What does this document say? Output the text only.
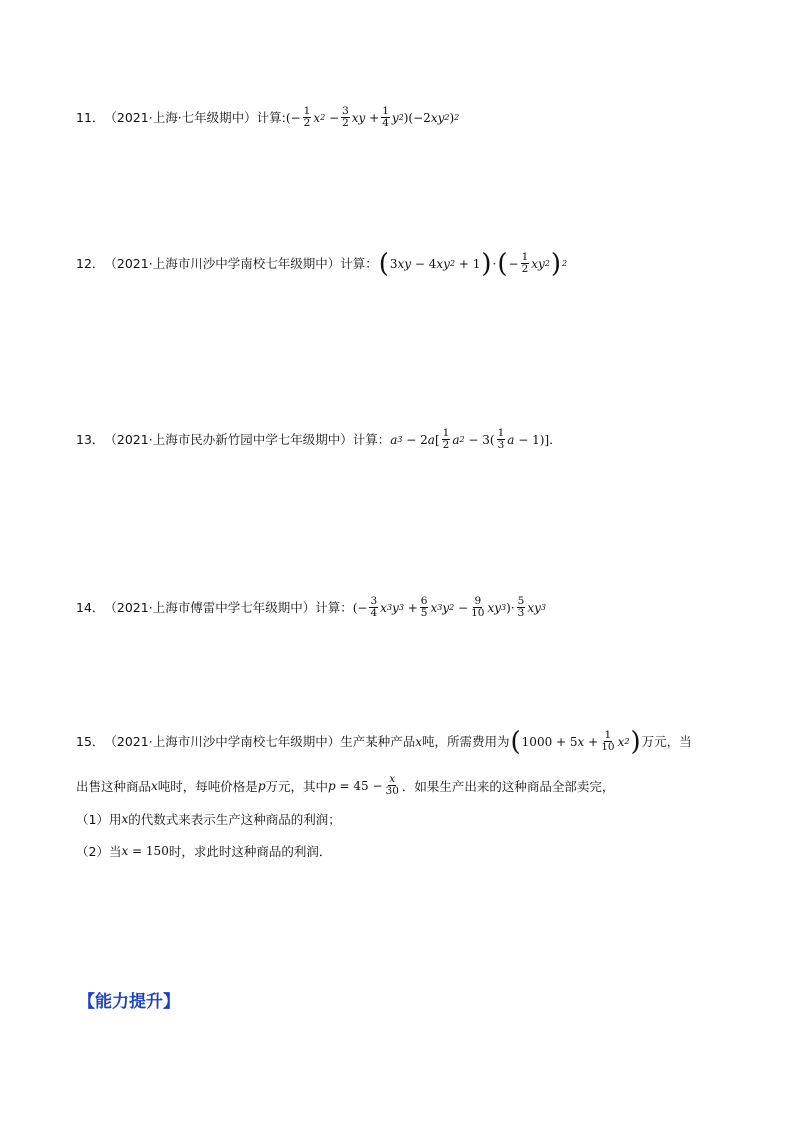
11． （2021·上海·七年级期中） 计算: (− $\frac{1}{2}$ x $2 - \frac{3}{2}$ xy + $\frac{1}{4}$ y 2 )(−2 xy 2 ) 2
12． （2021·上海市川沙中学南校七年级期中） 计算： ( 3 xy − 4 xy 2 + 1 ) · ( − $\frac{1}{2}$ xy 2 ) 2
13． （2021·上海市民办新竹园中学七年级期中） 计算： a 3 − 2 a [ $\frac{1}{2}$ a $2 - 3( \frac{1}{3}$ a − 1)] ．
14． （2021·上海市傅雷中学七年级期中） 计算： (− $\frac{3}{4}$ x 3 y $3 + \frac{6}{5}$ x 3 y $2 - \frac{9}{10}$ xy 3 ) · $\frac{5}{3}$ xy 3
15． （2021·上海市川沙中学南校七年级期中） 生产某种产品 x 吨，所需费用为 ( 1000 + 5 $x + \frac{1}{10}$ x 2 ) 万元，当
出售这种商品 x 吨时，每吨价格是 p 万元，其中 $p = 45 - \frac{x}{30}$ ．如果生产出来的这种商品全部卖完，
（1）用 x 的代数式来表示生产这种商品的利润；
（2）当 x = 150 时，求此时这种商品的利润．
【能力提升】
